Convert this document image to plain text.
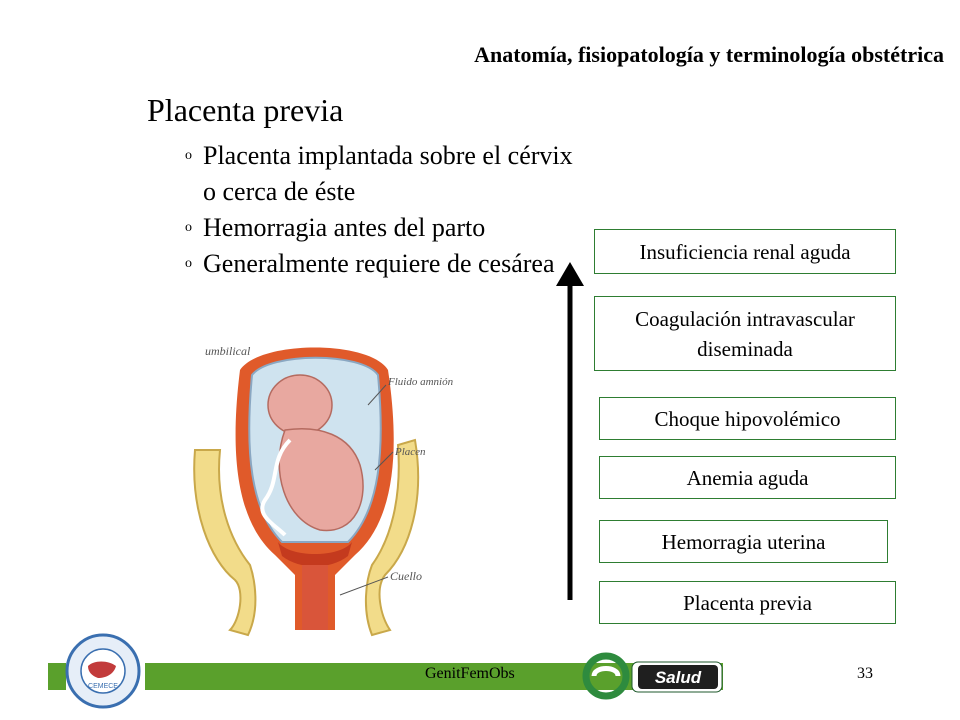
Anatomía, fisiopatología y terminología obstétrica
Placenta previa
o Placenta implantada sobre el cérvix o cerca de éste
o Hemorragia antes del parto
o Generalmente requiere de cesárea
umbilical
Fluido amnión
Placen
Cuello
Insuficiencia renal aguda
Coagulación intravascular diseminada
Choque hipovolémico
Anemia aguda
Hemorragia uterina
Placenta previa
GenitFemObs	33
CEMECE	Salud
